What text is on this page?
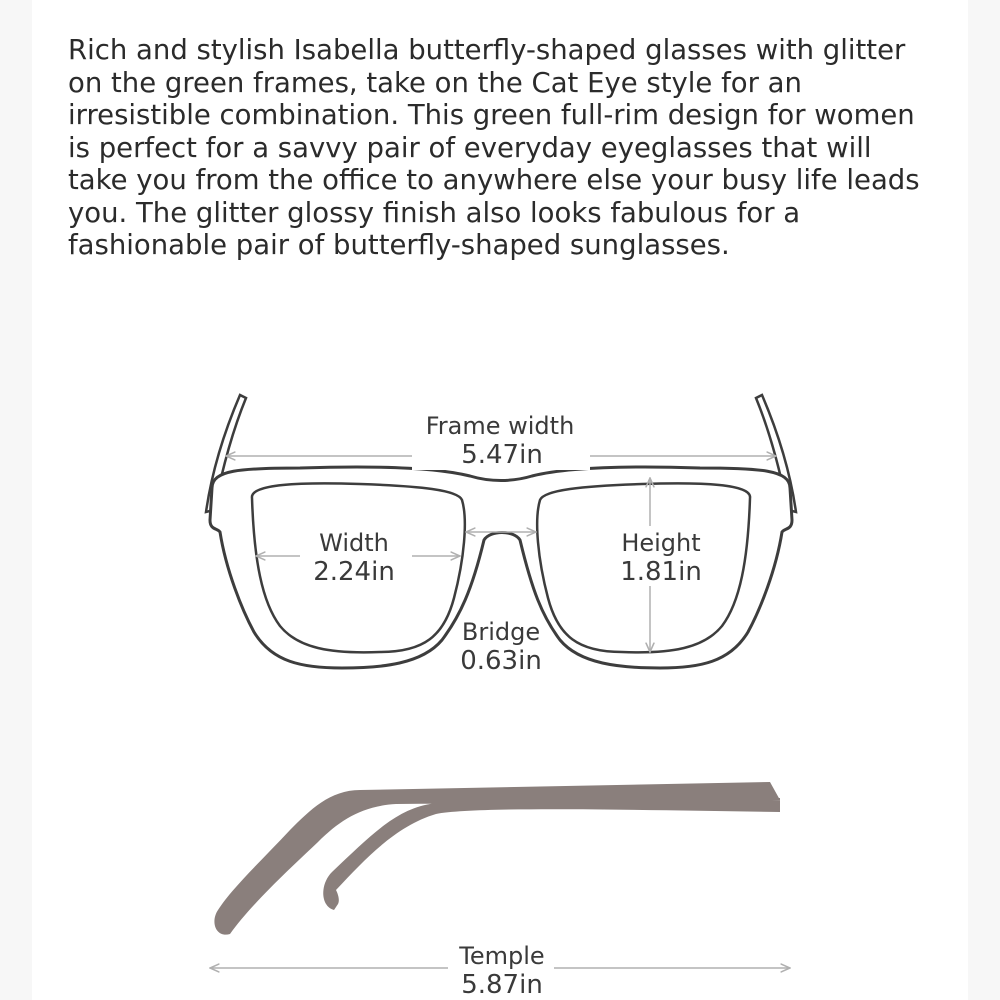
Rich and stylish Isabella butterfly-shaped glasses with glitter on the green frames, take on the Cat Eye style for an irresistible combination. This green full-rim design for women is perfect for a savvy pair of everyday eyeglasses that will take you from the office to anywhere else your busy life leads you. The glitter glossy finish also looks fabulous for a fashionable pair of butterfly-shaped sunglasses.

Frame width
5.47in
Width
2.24in
Height
1.81in
Bridge
0.63in
Temple
5.87in
